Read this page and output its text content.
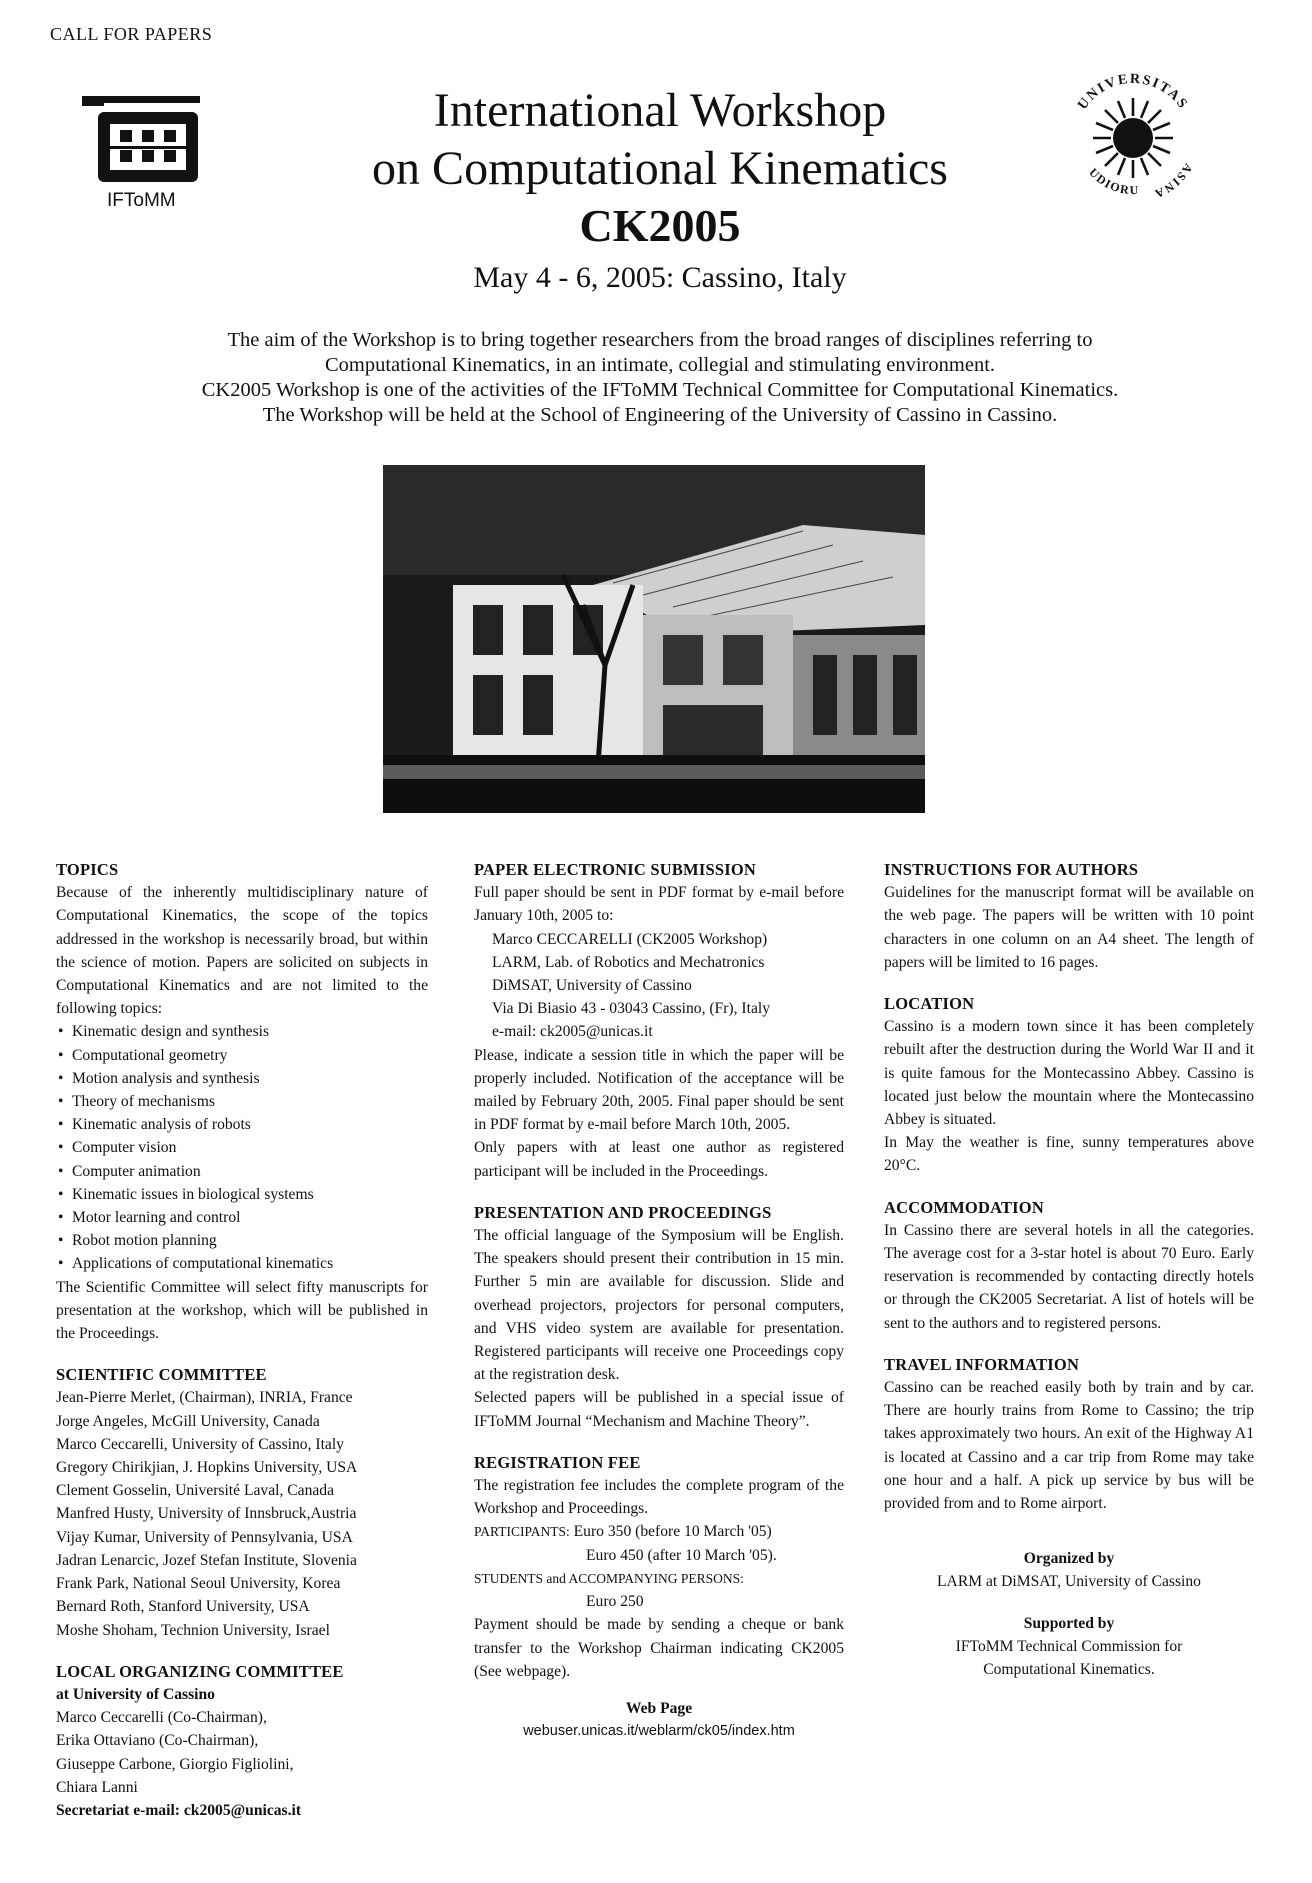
CALL FOR PAPERS
IFToMM
UNIVERSITAS
UDIORU
ASINA
International Workshop
on Computational Kinematics
CK2005
May 4 - 6, 2005: Cassino, Italy
The aim of the Workshop is to bring together researchers from the broad ranges of disciplines referring to
Computational Kinematics, in an intimate, collegial and stimulating environment.
CK2005 Workshop is one of the activities of the IFToMM Technical Committee for Computational Kinematics.
The Workshop will be held at the School of Engineering of the University of Cassino in Cassino.
TOPICS
Because of the inherently multidisciplinary nature of Computational Kinematics, the scope of the topics addressed in the workshop is necessarily broad, but within the science of motion. Papers are solicited on subjects in Computational Kinematics and are not limited to the following topics:
• Kinematic design and synthesis
• Computational geometry
• Motion analysis and synthesis
• Theory of mechanisms
• Kinematic analysis of robots
• Computer vision
• Computer animation
• Kinematic issues in biological systems
• Motor learning and control
• Robot motion planning
• Applications of computational kinematics
The Scientific Committee will select fifty manuscripts for presentation at the workshop, which will be published in the Proceedings.
SCIENTIFIC COMMITTEE
Jean-Pierre Merlet, (Chairman), INRIA, France
Jorge Angeles, McGill University, Canada
Marco Ceccarelli, University of Cassino, Italy
Gregory Chirikjian, J. Hopkins University, USA
Clement Gosselin, Université Laval, Canada
Manfred Husty, University of Innsbruck,Austria
Vijay Kumar, University of Pennsylvania, USA
Jadran Lenarcic, Jozef Stefan Institute, Slovenia
Frank Park, National Seoul University, Korea
Bernard Roth, Stanford University, USA
Moshe Shoham, Technion University, Israel
LOCAL ORGANIZING COMMITTEE
at University of Cassino
Marco Ceccarelli (Co-Chairman),
Erika Ottaviano (Co-Chairman),
Giuseppe Carbone, Giorgio Figliolini,
Chiara Lanni
Secretariat e-mail: ck2005@unicas.it
PAPER ELECTRONIC SUBMISSION
Full paper should be sent in PDF format by e-mail before January 10th, 2005 to:
Marco CECCARELLI (CK2005 Workshop)
LARM, Lab. of Robotics and Mechatronics
DiMSAT, University of Cassino
Via Di Biasio 43 - 03043 Cassino, (Fr), Italy
e-mail: ck2005@unicas.it
Please, indicate a session title in which the paper will be properly included. Notification of the acceptance will be mailed by February 20th, 2005. Final paper should be sent in PDF format by e-mail before March 10th, 2005.
Only papers with at least one author as registered participant will be included in the Proceedings.
PRESENTATION AND PROCEEDINGS
The official language of the Symposium will be English. The speakers should present their contribution in 15 min. Further 5 min are available for discussion. Slide and overhead projectors, projectors for personal computers, and VHS video system are available for presentation. Registered participants will receive one Proceedings copy at the registration desk.
Selected papers will be published in a special issue of IFToMM Journal “Mechanism and Machine Theory”.
REGISTRATION FEE
The registration fee includes the complete program of the Workshop and Proceedings.
PARTICIPANTS: Euro 350 (before 10 March '05)
Euro 450 (after 10 March '05).
STUDENTS and ACCOMPANYING PERSONS:
Euro 250
Payment should be made by sending a cheque or bank transfer to the Workshop Chairman indicating CK2005 (See webpage).
Web Page
webuser.unicas.it/weblarm/ck05/index.htm
INSTRUCTIONS FOR AUTHORS
Guidelines for the manuscript format will be available on the web page. The papers will be written with 10 point characters in one column on an A4 sheet. The length of papers will be limited to 16 pages.
LOCATION
Cassino is a modern town since it has been completely rebuilt after the destruction during the World War II and it is quite famous for the Montecassino Abbey. Cassino is located just below the mountain where the Montecassino Abbey is situated.
In May the weather is fine, sunny temperatures above 20°C.
ACCOMMODATION
In Cassino there are several hotels in all the categories. The average cost for a 3-star hotel is about 70 Euro. Early reservation is recommended by contacting directly hotels or through the CK2005 Secretariat. A list of hotels will be sent to the authors and to registered persons.
TRAVEL INFORMATION
Cassino can be reached easily both by train and by car. There are hourly trains from Rome to Cassino; the trip takes approximately two hours. An exit of the Highway A1 is located at Cassino and a car trip from Rome may take one hour and a half. A pick up service by bus will be provided from and to Rome airport.
Organized by
LARM at DiMSAT, University of Cassino
Supported by
IFToMM Technical Commission for
Computational Kinematics.
